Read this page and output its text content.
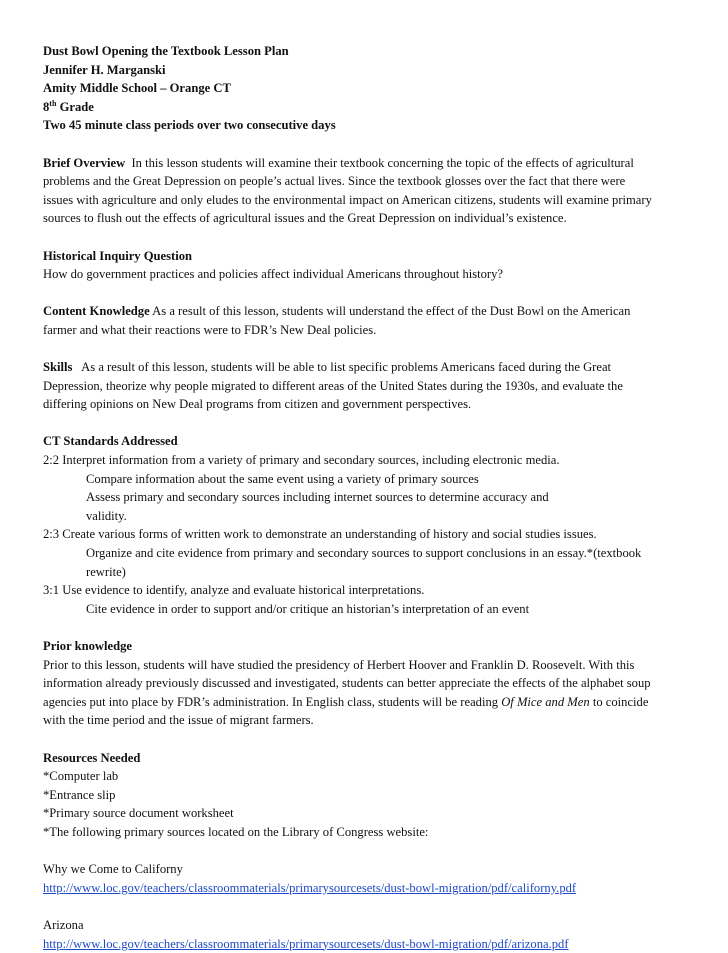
Dust Bowl Opening the Textbook Lesson Plan
Jennifer H. Marganski
Amity Middle School – Orange CT
8th Grade
Two 45 minute class periods over two consecutive days
Brief Overview In this lesson students will examine their textbook concerning the topic of the effects of agricultural
problems and the Great Depression on people’s actual lives. Since the textbook glosses over the fact that there were
issues with agriculture and only eludes to the environmental impact on American citizens, students will examine primary
sources to flush out the effects of agricultural issues and the Great Depression on individual’s existence.
Historical Inquiry Question
How do government practices and policies affect individual Americans throughout history?
Content Knowledge As a result of this lesson, students will understand the effect of the Dust Bowl on the American
farmer and what their reactions were to FDR’s New Deal policies.
Skills As a result of this lesson, students will be able to list specific problems Americans faced during the Great
Depression, theorize why people migrated to different areas of the United States during the 1930s, and evaluate the
differing opinions on New Deal programs from citizen and government perspectives.
CT Standards Addressed
2:2 Interpret information from a variety of primary and secondary sources, including electronic media.
Compare information about the same event using a variety of primary sources
Assess primary and secondary sources including internet sources to determine accuracy and
validity.
2:3 Create various forms of written work to demonstrate an understanding of history and social studies issues.
Organize and cite evidence from primary and secondary sources to support conclusions in an essay.*(textbook
rewrite)
3:1 Use evidence to identify, analyze and evaluate historical interpretations.
Cite evidence in order to support and/or critique an historian’s interpretation of an event
Prior knowledge
Prior to this lesson, students will have studied the presidency of Herbert Hoover and Franklin D. Roosevelt. With this
information already previously discussed and investigated, students can better appreciate the effects of the alphabet soup
agencies put into place by FDR’s administration. In English class, students will be reading Of Mice and Men to coincide
with the time period and the issue of migrant farmers.
Resources Needed
*Computer lab
*Entrance slip
*Primary source document worksheet
*The following primary sources located on the Library of Congress website:
Why we Come to Californy
http://www.loc.gov/teachers/classroommaterials/primarysourcesets/dust-bowl-migration/pdf/californy.pdf
Arizona
http://www.loc.gov/teachers/classroommaterials/primarysourcesets/dust-bowl-migration/pdf/arizona.pdf
